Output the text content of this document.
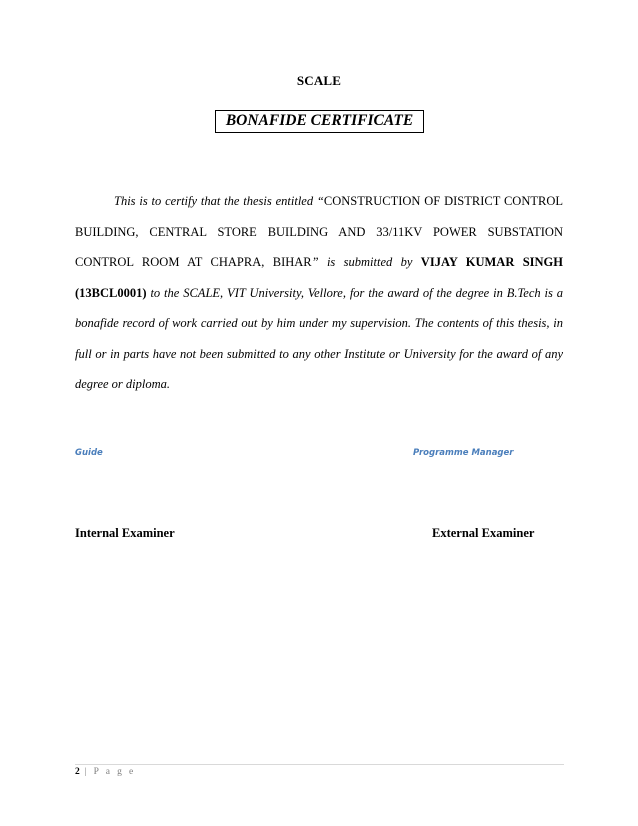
SCALE
BONAFIDE CERTIFICATE
This is to certify that the thesis entitled “CONSTRUCTION OF DISTRICT CONTROL BUILDING, CENTRAL STORE BUILDING AND 33/11KV POWER SUBSTATION CONTROL ROOM AT CHAPRA, BIHAR” is submitted by VIJAY KUMAR SINGH (13BCL0001) to the SCALE, VIT University, Vellore, for the award of the degree in B.Tech is a bonafide record of work carried out by him under my supervision. The contents of this thesis, in full or in parts have not been submitted to any other Institute or University for the award of any degree or diploma.
Guide	Programme Manager
Internal Examiner	External Examiner
2 | P a g e
